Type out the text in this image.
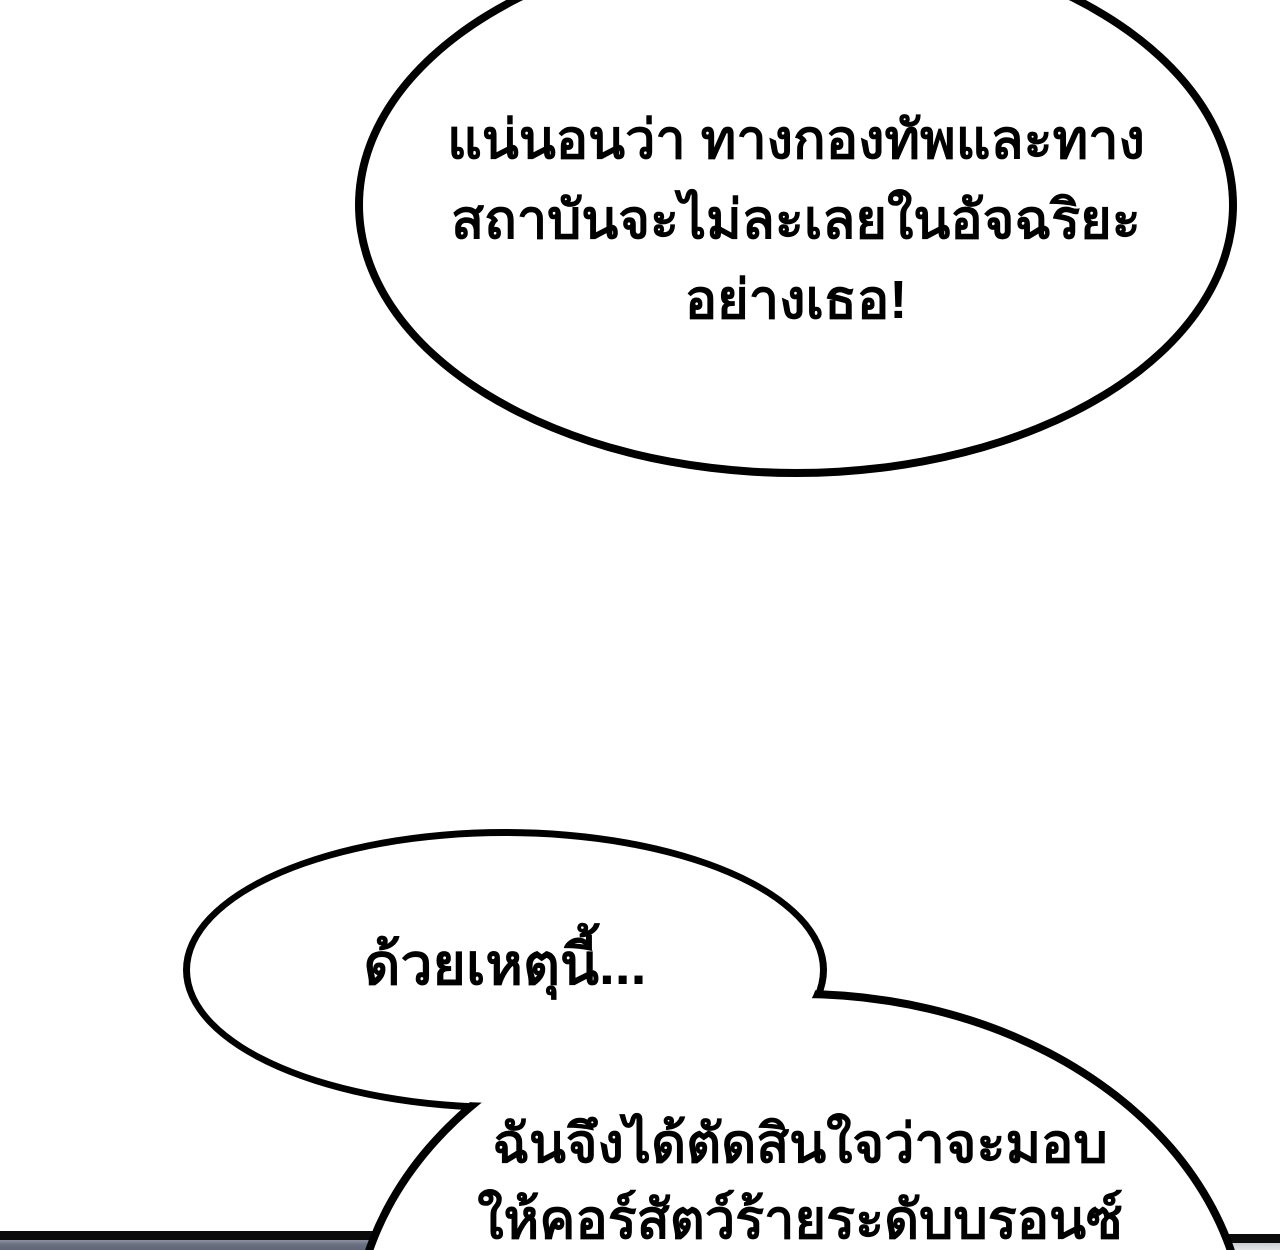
แน่นอนว่า ทางกองทัพและทาง
สถาบันจะไม่ละเลยในอัจฉริยะ
อย่างเธอ!
ด้วยเหตุนี้...
ฉันจึงได้ตัดสินใจว่าจะมอบ
ให้คอร์สัตว์ร้ายระดับบรอนซ์
